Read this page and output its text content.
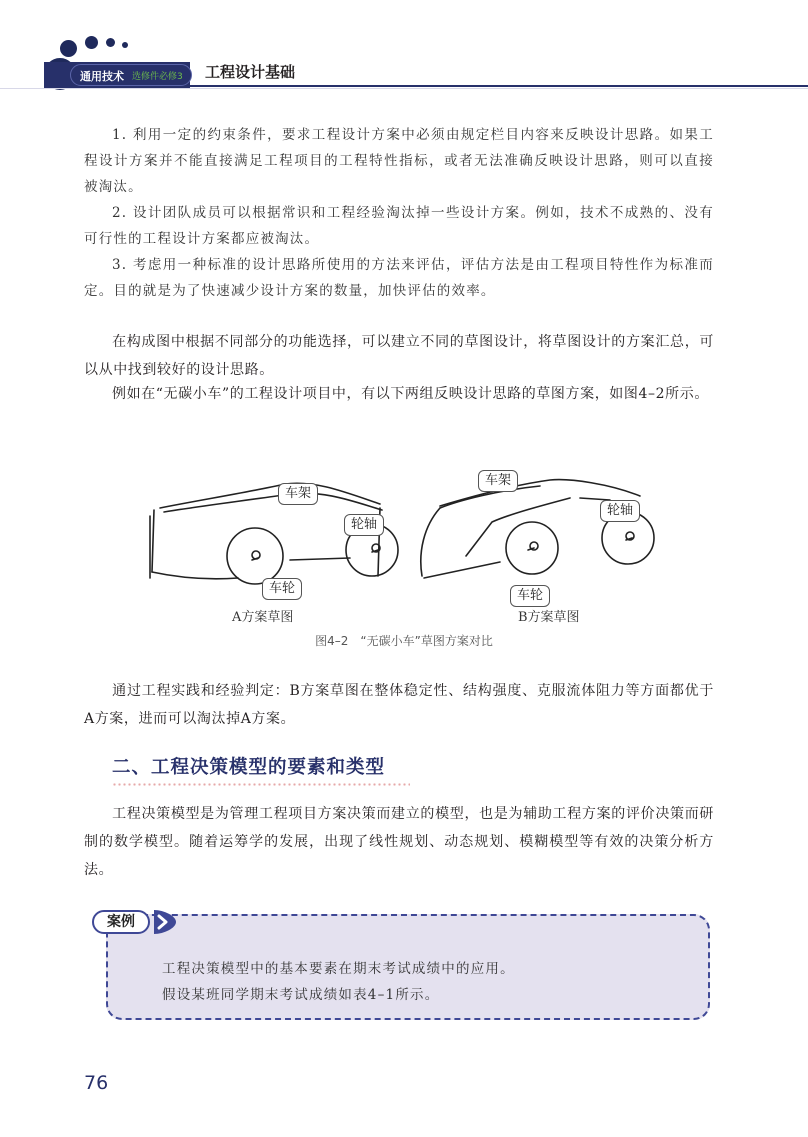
通用技术 选修件必修3 工程设计基础

1. 利用一定的约束条件，要求工程设计方案中必须由规定栏目内容来反映设计思路。如果工程设计方案并不能直接满足工程项目的工程特性指标，或者无法准确反映设计思路，则可以直接被淘汰。

2. 设计团队成员可以根据常识和工程经验淘汰掉一些设计方案。例如，技术不成熟的、没有可行性的工程设计方案都应被淘汰。

3. 考虑用一种标准的设计思路所使用的方法来评估，评估方法是由工程项目特性作为标准而定。目的就是为了快速减少设计方案的数量，加快评估的效率。

在构成图中根据不同部分的功能选择，可以建立不同的草图设计，将草图设计的方案汇总，可以从中找到较好的设计思路。

例如在“无碳小车”的工程设计项目中，有以下两组反映设计思路的草图方案，如图4–2所示。

车架
轮轴
车轮
A方案草图
车架
轮轴
车轮
B方案草图
图4–2　“无碳小车”草图方案对比

通过工程实践和经验判定：B方案草图在整体稳定性、结构强度、克服流体阻力等方面都优于A方案，进而可以淘汰掉A方案。

二、工程决策模型的要素和类型

工程决策模型是为管理工程项目方案决策而建立的模型，也是为辅助工程方案的评价决策而研制的数学模型。随着运筹学的发展，出现了线性规划、动态规划、模糊模型等有效的决策分析方法。

案例
工程决策模型中的基本要素在期末考试成绩中的应用。
假设某班同学期末考试成绩如表4–1所示。
76
